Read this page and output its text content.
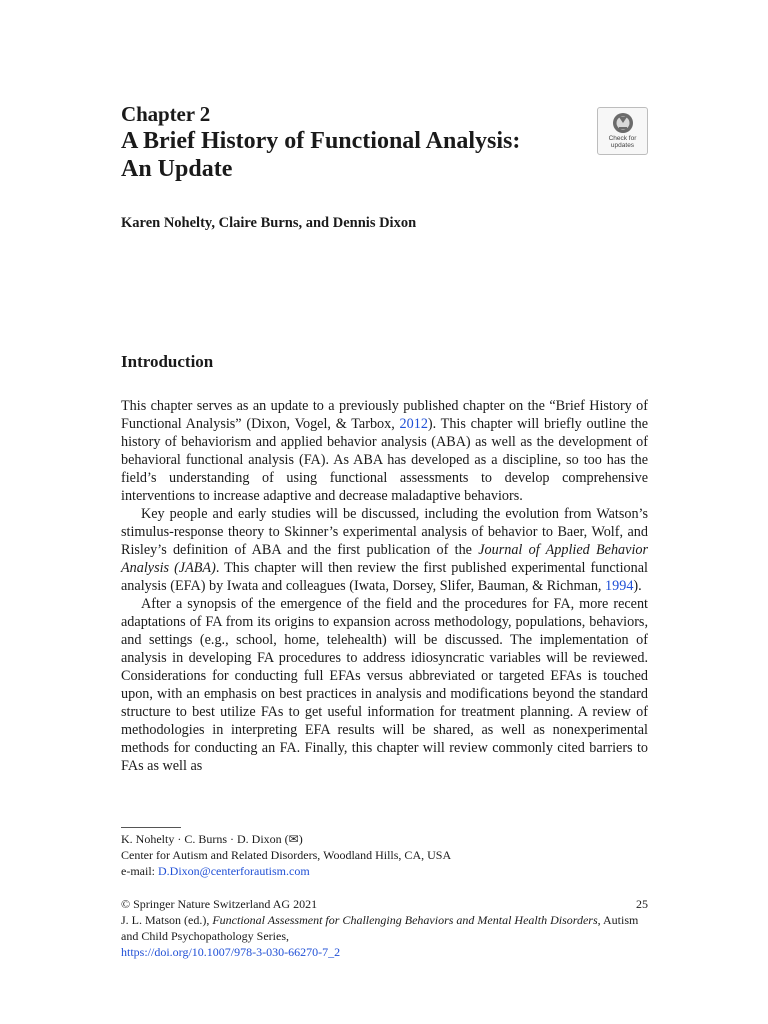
Chapter 2
A Brief History of Functional Analysis:
An Update
Check for
updates
Karen Nohelty, Claire Burns, and Dennis Dixon
Introduction

This chapter serves as an update to a previously published chapter on the “Brief History of Functional Analysis” (Dixon, Vogel, & Tarbox, 2012). This chapter will briefly outline the history of behaviorism and applied behavior analysis (ABA) as well as the development of behavioral functional analysis (FA). As ABA has developed as a discipline, so too has the field’s understanding of using functional assessments to develop comprehensive interventions to increase adaptive and decrease maladaptive behaviors.

Key people and early studies will be discussed, including the evolution from Watson’s stimulus-response theory to Skinner’s experimental analysis of behavior to Baer, Wolf, and Risley’s definition of ABA and the first publication of the Journal of Applied Behavior Analysis (JABA). This chapter will then review the first published experimental functional analysis (EFA) by Iwata and colleagues (Iwata, Dorsey, Slifer, Bauman, & Richman, 1994).

After a synopsis of the emergence of the field and the procedures for FA, more recent adaptations of FA from its origins to expansion across methodology, populations, behaviors, and settings (e.g., school, home, telehealth) will be discussed. The implementation of analysis in developing FA procedures to address idiosyncratic variables will be reviewed. Considerations for conducting full EFAs versus abbreviated or targeted EFAs is touched upon, with an emphasis on best practices in analysis and modifications beyond the standard structure to best utilize FAs to get useful information for treatment planning. A review of methodologies in interpreting EFA results will be shared, as well as nonexperimental methods for conducting an FA. Finally, this chapter will review commonly cited barriers to FAs as well as

K. Nohelty · C. Burns · D. Dixon (✉)
Center for Autism and Related Disorders, Woodland Hills, CA, USA
e-mail: D.Dixon@centerforautism.com
© Springer Nature Switzerland AG 2021	25
J. L. Matson (ed.), Functional Assessment for Challenging Behaviors and Mental Health Disorders, Autism and Child Psychopathology Series,
https://doi.org/10.1007/978-3-030-66270-7_2
